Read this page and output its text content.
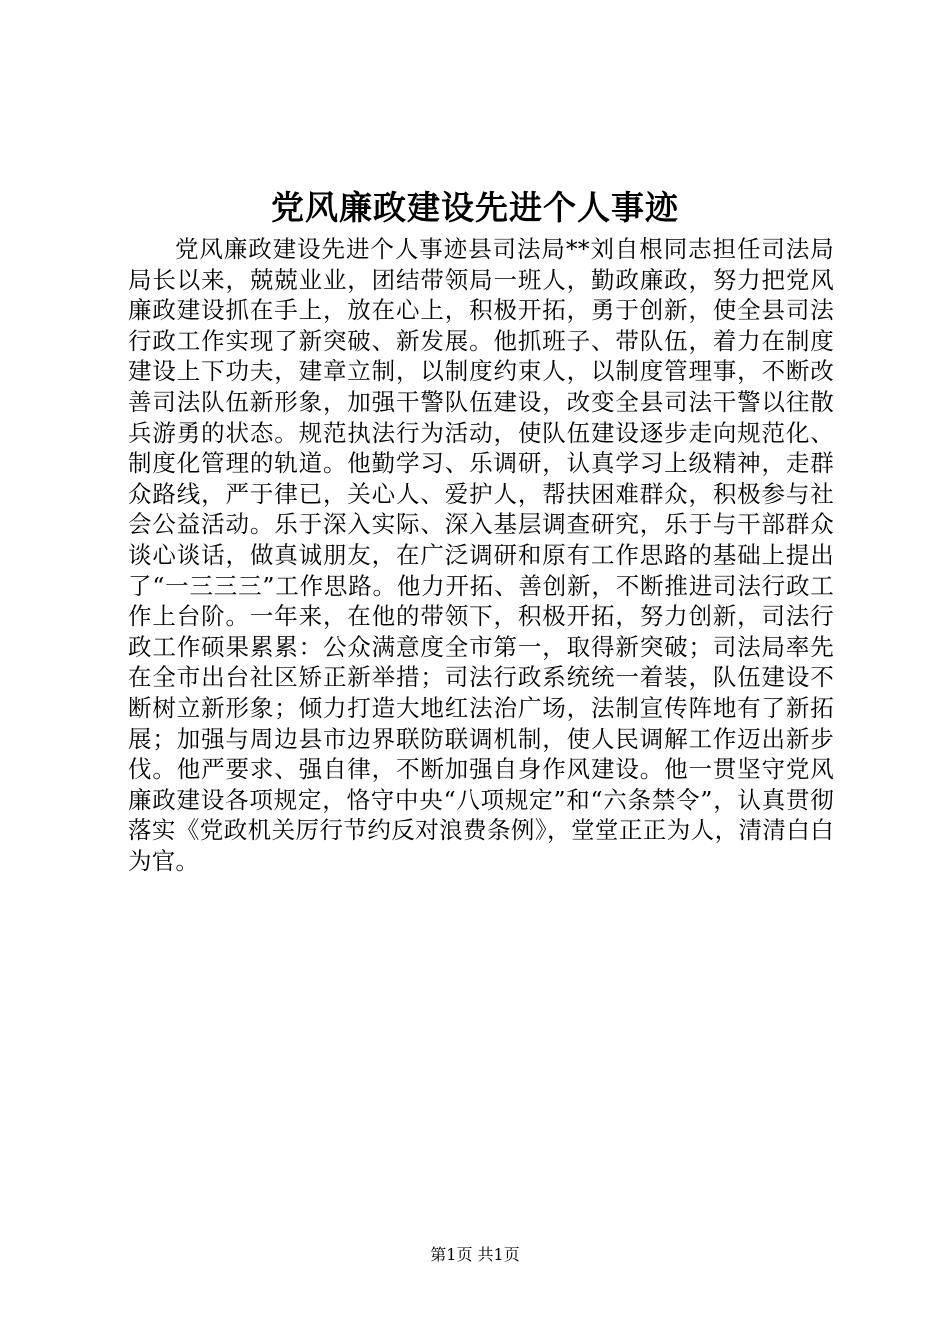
党风廉政建设先进个人事迹

党风廉政建设先进个人事迹县司法局**刘自根同志担任司法局局长以来，兢兢业业，团结带领局一班人，勤政廉政，努力把党风廉政建设抓在手上，放在心上，积极开拓，勇于创新，使全县司法行政工作实现了新突破、新发展。他抓班子、带队伍，着力在制度建设上下功夫，建章立制，以制度约束人，以制度管理事，不断改善司法队伍新形象，加强干警队伍建设，改变全县司法干警以往散兵游勇的状态。规范执法行为活动，使队伍建设逐步走向规范化、制度化管理的轨道。他勤学习、乐调研，认真学习上级精神，走群众路线，严于律已，关心人、爱护人，帮扶困难群众，积极参与社会公益活动。乐于深入实际、深入基层调查研究，乐于与干部群众谈心谈话，做真诚朋友，在广泛调研和原有工作思路的基础上提出了“一三三三”工作思路。他力开拓、善创新，不断推进司法行政工作上台阶。一年来，在他的带领下，积极开拓，努力创新，司法行政工作硕果累累：公众满意度全市第一，取得新突破；司法局率先在全市出台社区矫正新举措；司法行政系统统一着装，队伍建设不断树立新形象；倾力打造大地红法治广场，法制宣传阵地有了新拓展；加强与周边县市边界联防联调机制，使人民调解工作迈出新步伐。他严要求、强自律，不断加强自身作风建设。他一贯坚守党风廉政建设各项规定，恪守中央“八项规定”和“六条禁令”，认真贯彻落实《党政机关厉行节约反对浪费条例》，堂堂正正为人，清清白白为官。

第1页 共1页
